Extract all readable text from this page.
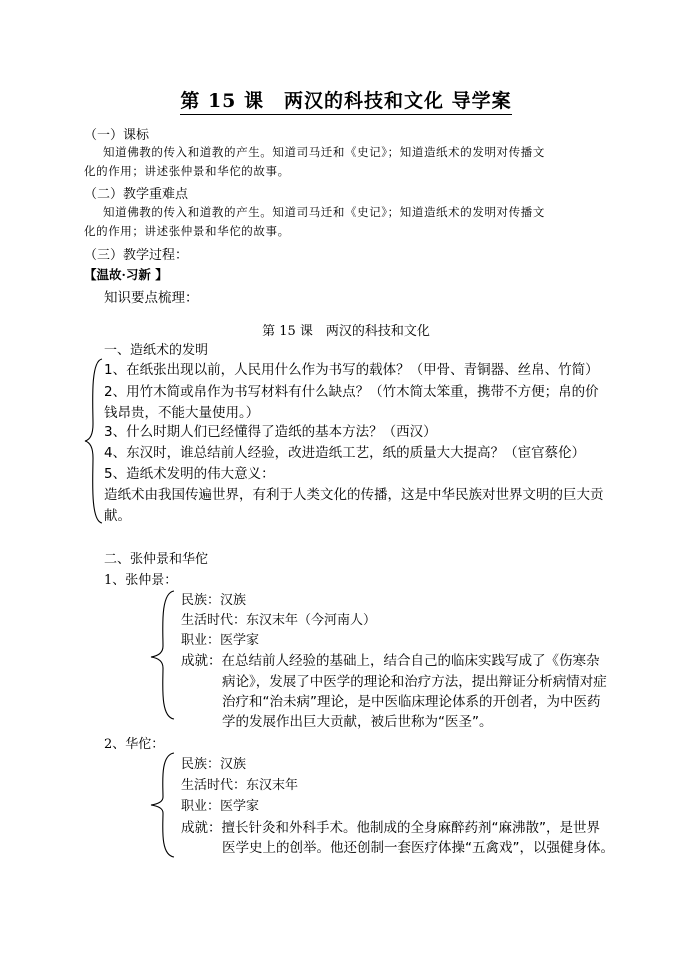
第 15 课　两汉的科技和文化 导学案
（一）课标
知道佛教的传入和道教的产生。知道司马迁和《史记》；知道造纸术的发明对传播文
化的作用；讲述张仲景和华佗的故事。
（二）教学重难点
知道佛教的传入和道教的产生。知道司马迁和《史记》；知道造纸术的发明对传播文
化的作用；讲述张仲景和华佗的故事。
（三）教学过程：
【温故·习新 】
知识要点梳理：
第 15 课　两汉的科技和文化
一、造纸术的发明
1、在纸张出现以前，人民用什么作为书写的载体？（甲骨、青铜器、丝帛、竹简）
2、用竹木简或帛作为书写材料有什么缺点？（竹木简太笨重，携带不方便；帛的价
钱昂贵，不能大量使用。）
3、什么时期人们已经懂得了造纸的基本方法？（西汉）
4、东汉时，谁总结前人经验，改进造纸工艺，纸的质量大大提高？（宦官蔡伦）
5、造纸术发明的伟大意义：
造纸术由我国传遍世界，有利于人类文化的传播，这是中华民族对世界文明的巨大贡
献。
二、张仲景和华佗
1、张仲景：
民族：汉族
生活时代：东汉末年（今河南人）
职业：医学家
成就：在总结前人经验的基础上，结合自己的临床实践写成了《伤寒杂
病论》，发展了中医学的理论和治疗方法，提出辩证分析病情对症
治疗和“治未病”理论，是中医临床理论体系的开创者，为中医药
学的发展作出巨大贡献，被后世称为“医圣”。
2、华佗：
民族：汉族
生活时代：东汉末年
职业：医学家
成就：擅长针灸和外科手术。他制成的全身麻醉药剂“麻沸散”，是世界
医学史上的创举。他还创制一套医疗体操“五禽戏”，以强健身体。
